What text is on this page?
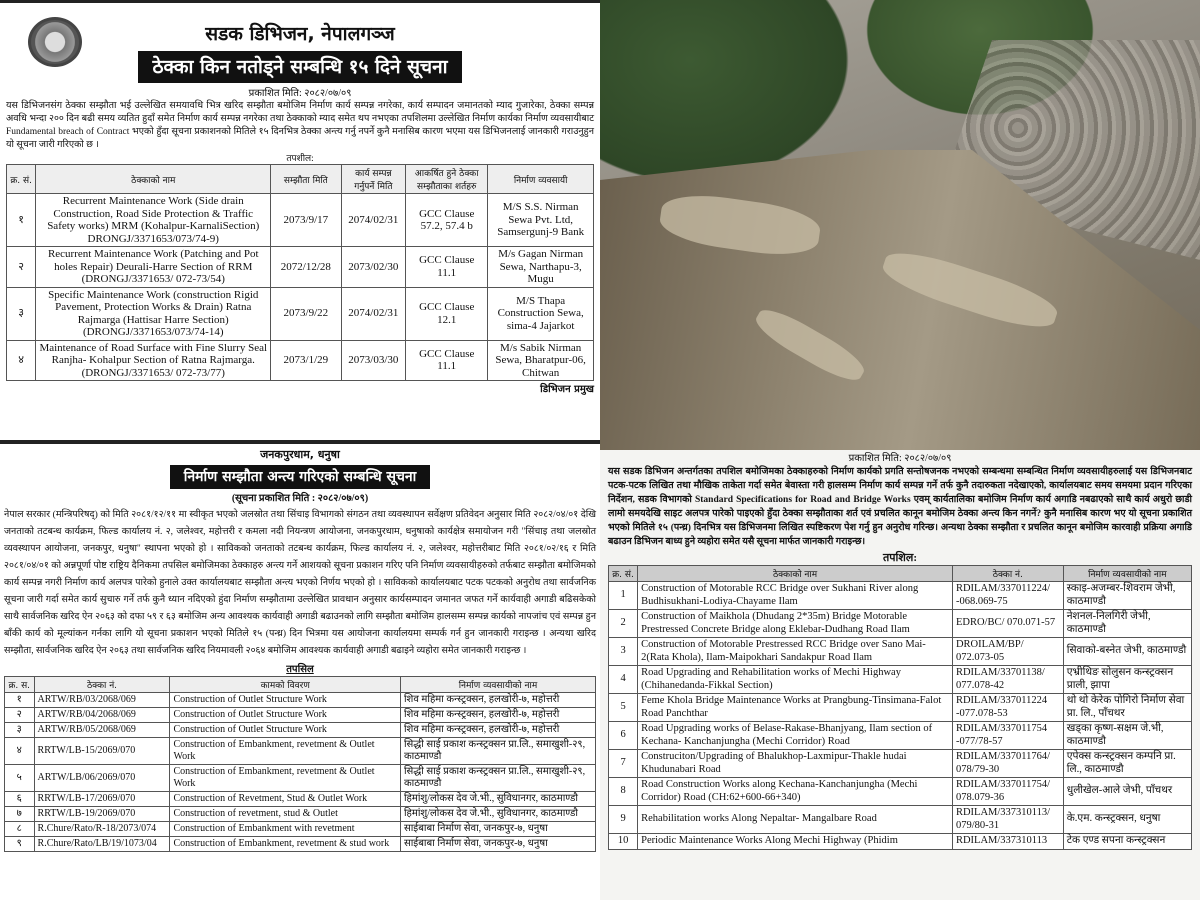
सडक डिभिजन, नेपालगञ्ज
ठेक्का किन नतोड्ने सम्बन्धि १५ दिने सूचना
प्रकाशित मिति: २०८२/०७/०९
यस डिभिजनसंग ठेक्का सम्झौता भई उल्लेखित समयावधि भित्र खरिद सम्झौता बमोजिम निर्माण कार्य सम्पन्न नगरेका, कार्य सम्पादन जमानतको म्याद गुजारेका, ठेक्का सम्पन्न अवधि भन्दा २०० दिन बढी समय व्यतित हुदाँ समेत निर्माण कार्य सम्पन्न नगरेका तथा ठेक्काको म्याद समेत थप नभएका तपशिलमा उल्लेखित निर्माण कार्यका निर्माण व्यवसायीबाट Fundamental breach of Contract भएको हुँदा सूचना प्रकाशनको मितिले १५ दिनभित्र ठेक्का अन्त्य गर्नु नपर्ने कुनै मनासिब कारण भएमा यस डिभिजनलाई जानकारी गराउनुहुन यो सूचना जारी गरिएको छ ।
तपशील:
क्र. सं.	ठेक्काको नाम	सम्झौता मिति	कार्य सम्पन्न गर्नुपर्ने मिति	आकर्षित हुने ठेक्का सम्झौताका शर्तहरु	निर्माण व्यवसायी
१	Recurrent Maintenance Work (Side drain Construction, Road Side Protection & Traffic Safety works) MRM (Kohalpur-KarnaliSection) DRONGJ/3371653/073/74-9)	2073/9/17	2074/02/31	GCC Clause 57.2, 57.4 b	M/S S.S. Nirman Sewa Pvt. Ltd, Samsergunj-9 Bank
२	Recurrent Maintenance Work (Patching and Pot holes Repair) Deurali-Harre Section of RRM (DRONGJ/3371653/ 072-73/54)	2072/12/28	2073/02/30	GCC Clause 11.1	M/s Gagan Nirman Sewa, Narthapu-3, Mugu
३	Specific Maintenance Work (construction Rigid Pavement, Protection Works & Drain) Ratna Rajmarga (Hattisar Harre Section) (DRONGJ/3371653/073/74-14)	2073/9/22	2074/02/31	GCC Clause 12.1	M/S Thapa Construction Sewa, sima-4 Jajarkot
४	Maintenance of Road Surface with Fine Slurry Seal Ranjha- Kohalpur Section of Ratna Rajmarga. (DRONGJ/3371653/ 072-73/77)	2073/1/29	2073/03/30	GCC Clause 11.1	M/s Sabik Nirman Sewa, Bharatpur-06, Chitwan
डिभिजन प्रमुख
जनकपुरधाम, धनुषा
निर्माण सम्झौता अन्त्य गरिएको सम्बन्धि सूचना
(सूचना प्रकाशित मिति : २०८२/०७/०९)
नेपाल सरकार (मन्त्रिपरिषद्) को मिति २०८१/१२/११ मा स्वीकृत भएको जलस्रोत तथा सिंचाइ विभागको संगठन तथा व्यवस्थापन सर्वेक्षण प्रतिवेदन अनुसार मिति २०८२/०४/०१ देखि जनताको तटबन्ध कार्यक्रम, फिल्ड कार्यालय नं. २, जलेश्वर, महोत्तरी र कमला नदी नियन्त्रण आयोजना, जनकपुरधाम, धनुषाको कार्यक्षेत्र समायोजन गरी "सिंचाइ तथा जलस्रोत व्यवस्थापन आयोजना, जनकपुर, धनुषा" स्थापना भएको हो । साविकको जनताको तटबन्ध कार्यक्रम, फिल्ड कार्यालय नं. २, जलेश्वर, महोत्तरीबाट मिति २०८१/०२/१६ र मिति २०८१/०४/०१ को अन्नपूर्णा पोष्ट राष्ट्रिय दैनिकमा तपसिल बमोजिमका ठेक्काहरु अन्त्य गर्ने आशयको सूचना प्रकाशन गरिए पनि निर्माण व्यवसायीहरुको तर्फबाट सम्झौता बमोजिमको कार्य सम्पन्न नगरी निर्माण कार्य अलपत्र पारेको हुनाले उक्त कार्यालयबाट सम्झौता अन्त्य भएको निर्णय भएको हो । साविकको कार्यालयबाट पटक पटकको अनुरोध तथा सार्वजनिक सूचना जारी गर्दा समेत कार्य सुचारु गर्ने तर्फ कुनै ध्यान नदिएको हुंदा निर्माण सम्झौतामा उल्लेखित प्रावधान अनुसार कार्यसम्पादन जमानत जफत गर्ने कार्यवाही अगाडी बढिसकेको साथै सार्वजनिक खरिद ऐन २०६३ को दफा ५९ र ६३ बमोजिम अन्य आवश्यक कार्यवाही अगाडी बढाउनको लागि सम्झौता बमोजिम हालसम्म सम्पन्न कार्यको नापजांच एवं सम्पन्न हुन बाँकी कार्य को मूल्यांकन गर्नका लागि यो सूचना प्रकाशन भएको मितिले १५ (पन्ध्र) दिन भित्रमा यस आयोजना कार्यालयमा सम्पर्क गर्न हुन जानकारी गराइन्छ । अन्यथा खरिद सम्झौता, सार्वजनिक खरिद ऐन २०६३ तथा सार्वजनिक खरिद नियमावली २०६४ बमोजिम आवश्यक कार्यवाही अगाडी बढाइने व्यहोरा समेत जानकारी गराइन्छ ।
तपसिल
क्र. स.	ठेक्का नं.	कामको विवरण	निर्माण व्यवसायीको नाम
१	ARTW/RB/03/2068/069	Construction of Outlet Structure Work	शिव महिमा कन्स्ट्रक्सन, हलखोरी-७, महोत्तरी
२	ARTW/RB/04/2068/069	Construction of Outlet Structure Work	शिव महिमा कन्स्ट्रक्सन, हलखोरी-७, महोत्तरी
३	ARTW/RB/05/2068/069	Construction of Outlet Structure Work	शिव महिमा कन्स्ट्रक्सन, हलखोरी-७, महोत्तरी
४	RRTW/LB-15/2069/070	Construction of Embankment, revetment & Outlet Work	सिद्धी साई प्रकाश कन्स्ट्रक्सन प्रा.लि., समाखुशी-२९, काठमाण्डौ
५	ARTW/LB/06/2069/070	Construction of Embankment, revetment & Outlet Work	सिद्धी साई प्रकाश कन्स्ट्रक्सन प्रा.लि., समाखुशी-२९, काठमाण्डौ
६	RRTW/LB-17/2069/070	Construction of Revetment, Stud & Outlet Work	हिमांशु/लोकस देव जे.भी., सुविधानगर, काठमाण्डौ
७	RRTW/LB-19/2069/070	Construction of revetment, stud & Outlet	हिमांशु/लोकस देव जे.भी., सुविधानगर, काठमाण्डौ
८	R.Chure/Rato/R-18/2073/074	Construction of Embankment with revetment	साईबाबा निर्माण सेवा, जनकपुर-७, धनुषा
९	R.Chure/Rato/LB/19/1073/04	Construction of Embankment, revetment & stud work	साईबाबा निर्माण सेवा, जनकपुर-७, धनुषा
प्रकाशित मिति: २०८२/०७/०९
यस सडक डिभिजन अन्तर्गतका तपशिल बमोजिमका ठेक्काहरुको निर्माण कार्यको प्रगति सन्तोषजनक नभएको सम्बन्धमा सम्बन्धित निर्माण व्यवसायीहरुलाई यस डिभिजनबाट पटक-पटक लिखित तथा मौखिक ताकेता गर्दा समेत बेवास्ता गरी हालसम्म निर्माण कार्य सम्पन्न गर्ने तर्फ कुनै तदारुकता नदेखाएको, कार्यालयबाट समय समयमा प्रदान गरिएका निर्देशन, सडक विभागको Standard Specifications for Road and Bridge Works एवम् कार्यतालिका बमोजिम निर्माण कार्य अगाडि नबढाएको साथै कार्य अधुरो छाडी लामो समयदेखि साइट अलपत्र पारेको पाइएको हुँदा ठेक्का सम्झौताका शर्त एवं प्रचलित कानून बमोजिम ठेक्का अन्त्य किन नगर्ने? कुनै मनासिब कारण भए यो सूचना प्रकाशित भएको मितिले १५ (पन्ध्र) दिनभित्र यस डिभिजनमा लिखित स्पष्टिकरण पेश गर्नु हुन अनुरोध गरिन्छ। अन्यथा ठेक्का सम्झौता र प्रचलित कानून बमोजिम कारवाही प्रक्रिया अगाडि बढाउन डिभिजन बाध्य हुने व्यहोरा समेत यसै सूचना मार्फत जानकारी गराइन्छ।
तपशिल:
क्र. सं.	ठेक्काको नाम	ठेक्का नं.	निर्माण व्यवसायीको नाम
1	Construction of Motorable RCC Bridge over Sukhani River along Budhisukhani-Lodiya-Chayame Ilam	RDILAM/337011224/ -068.069-75	स्काइ-अजम्बर-शिवराम जेभी, काठमाण्डौ
2	Construction of Maikhola (Dhudang 2*35m) Bridge Motorable Prestressed Concrete Bridge along Eklebar-Dudhang Road Ilam	EDRO/BC/ 070.071-57	नेशनल-निलगिरी जेभी, काठमाण्डौ
3	Construction of Motorable Prestressed RCC Bridge over Sano Mai-2(Rata Khola), Ilam-Maipokhari Sandakpur Road Ilam	DROILAM/BP/ 072.073-05	सिवाको-बस्नेत जेभी, काठमाण्डौ
4	Road Upgrading and Rehabilitation works of Mechi Highway (Chihanedanda-Fikkal Section)	RDILAM/33701138/ 077.078-42	एभ्रीथिङ सोलुसन कन्स्ट्रक्सन प्राली, झापा
5	Feme Khola Bridge Maintenance Works at Prangbung-Tinsimana-Falot Road Panchthar	RDILAM/337011224 -077.078-53	थो थो केरेक पोगिरो निर्माण सेवा प्रा. लि., पाँचथर
6	Road Upgrading works of Belase-Rakase-Bhanjyang, Ilam section of Kechana- Kanchanjungha (Mechi Corridor) Road	RDILAM/337011754 -077/78-57	खड्का कृष्ण-सक्षम जे.भी, काठमाण्डौ
7	Construciton/Upgrading of Bhalukhop-Laxmipur-Thakle hudai Khudunabari Road	RDILAM/337011764/ 078/79-30	एपेक्स कन्स्ट्रक्सन कम्पनि प्रा. लि., काठमाण्डौ
8	Road Construction Works along Kechana-Kanchanjungha (Mechi Corridor) Road (CH:62+600-66+340)	RDILAM/337011754/ 078.079-36	धुलीखेल-आले जेभी, पाँचथर
9	Rehabilitation works Along Nepaltar- Mangalbare Road	RDILAM/337310113/ 079/80-31	के.एम. कन्स्ट्रक्सन, धनुषा
10	Periodic Maintenance Works Along Mechi Highway (Phidim	RDILAM/337310113	टेक एण्ड सपना कन्स्ट्रक्सन
